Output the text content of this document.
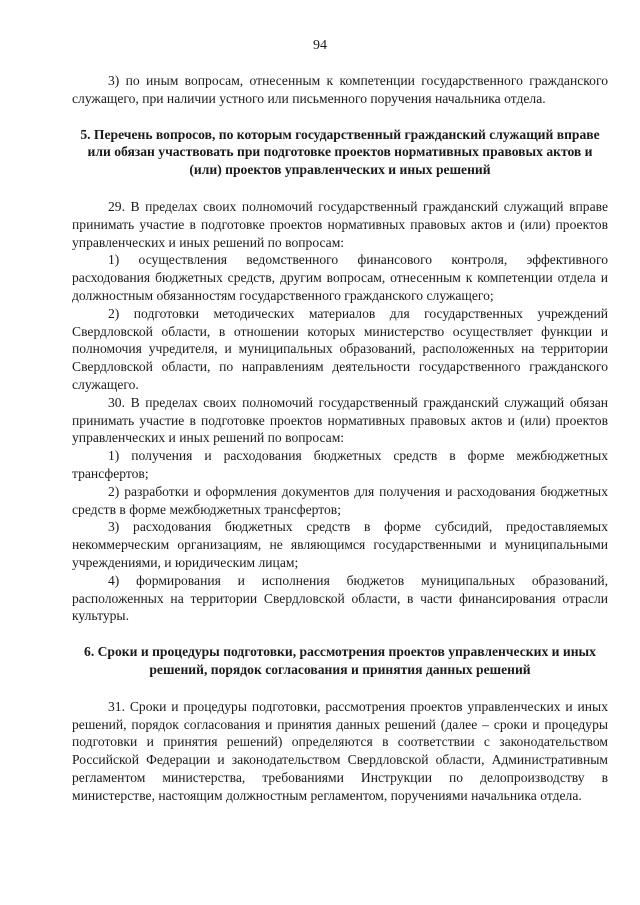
94

3) по иным вопросам, отнесенным к компетенции государственного гражданского служащего, при наличии устного или письменного поручения начальника отдела.

5. Перечень вопросов, по которым государственный гражданский служащий вправе или обязан участвовать при подготовке проектов нормативных правовых актов и (или) проектов управленческих и иных решений

29. В пределах своих полномочий государственный гражданский служащий вправе принимать участие в подготовке проектов нормативных правовых актов и (или) проектов управленческих и иных решений по вопросам:

1) осуществления ведомственного финансового контроля, эффективного расходования бюджетных средств, другим вопросам, отнесенным к компетенции отдела и должностным обязанностям государственного гражданского служащего;

2) подготовки методических материалов для государственных учреждений Свердловской области, в отношении которых министерство осуществляет функции и полномочия учредителя, и муниципальных образований, расположенных на территории Свердловской области, по направлениям деятельности государственного гражданского служащего.

30. В пределах своих полномочий государственный гражданский служащий обязан принимать участие в подготовке проектов нормативных правовых актов и (или) проектов управленческих и иных решений по вопросам:

1) получения и расходования бюджетных средств в форме межбюджетных трансфертов;

2) разработки и оформления документов для получения и расходования бюджетных средств в форме межбюджетных трансфертов;

3) расходования бюджетных средств в форме субсидий, предоставляемых некоммерческим организациям, не являющимся государственными и муниципальными учреждениями, и юридическим лицам;

4) формирования и исполнения бюджетов муниципальных образований, расположенных на территории Свердловской области, в части финансирования отрасли культуры.

6. Сроки и процедуры подготовки, рассмотрения проектов управленческих и иных решений, порядок согласования и принятия данных решений

31. Сроки и процедуры подготовки, рассмотрения проектов управленческих и иных решений, порядок согласования и принятия данных решений (далее – сроки и процедуры подготовки и принятия решений) определяются в соответствии с законодательством Российской Федерации и законодательством Свердловской области, Административным регламентом министерства, требованиями Инструкции по делопроизводству в министерстве, настоящим должностным регламентом, поручениями начальника отдела.
